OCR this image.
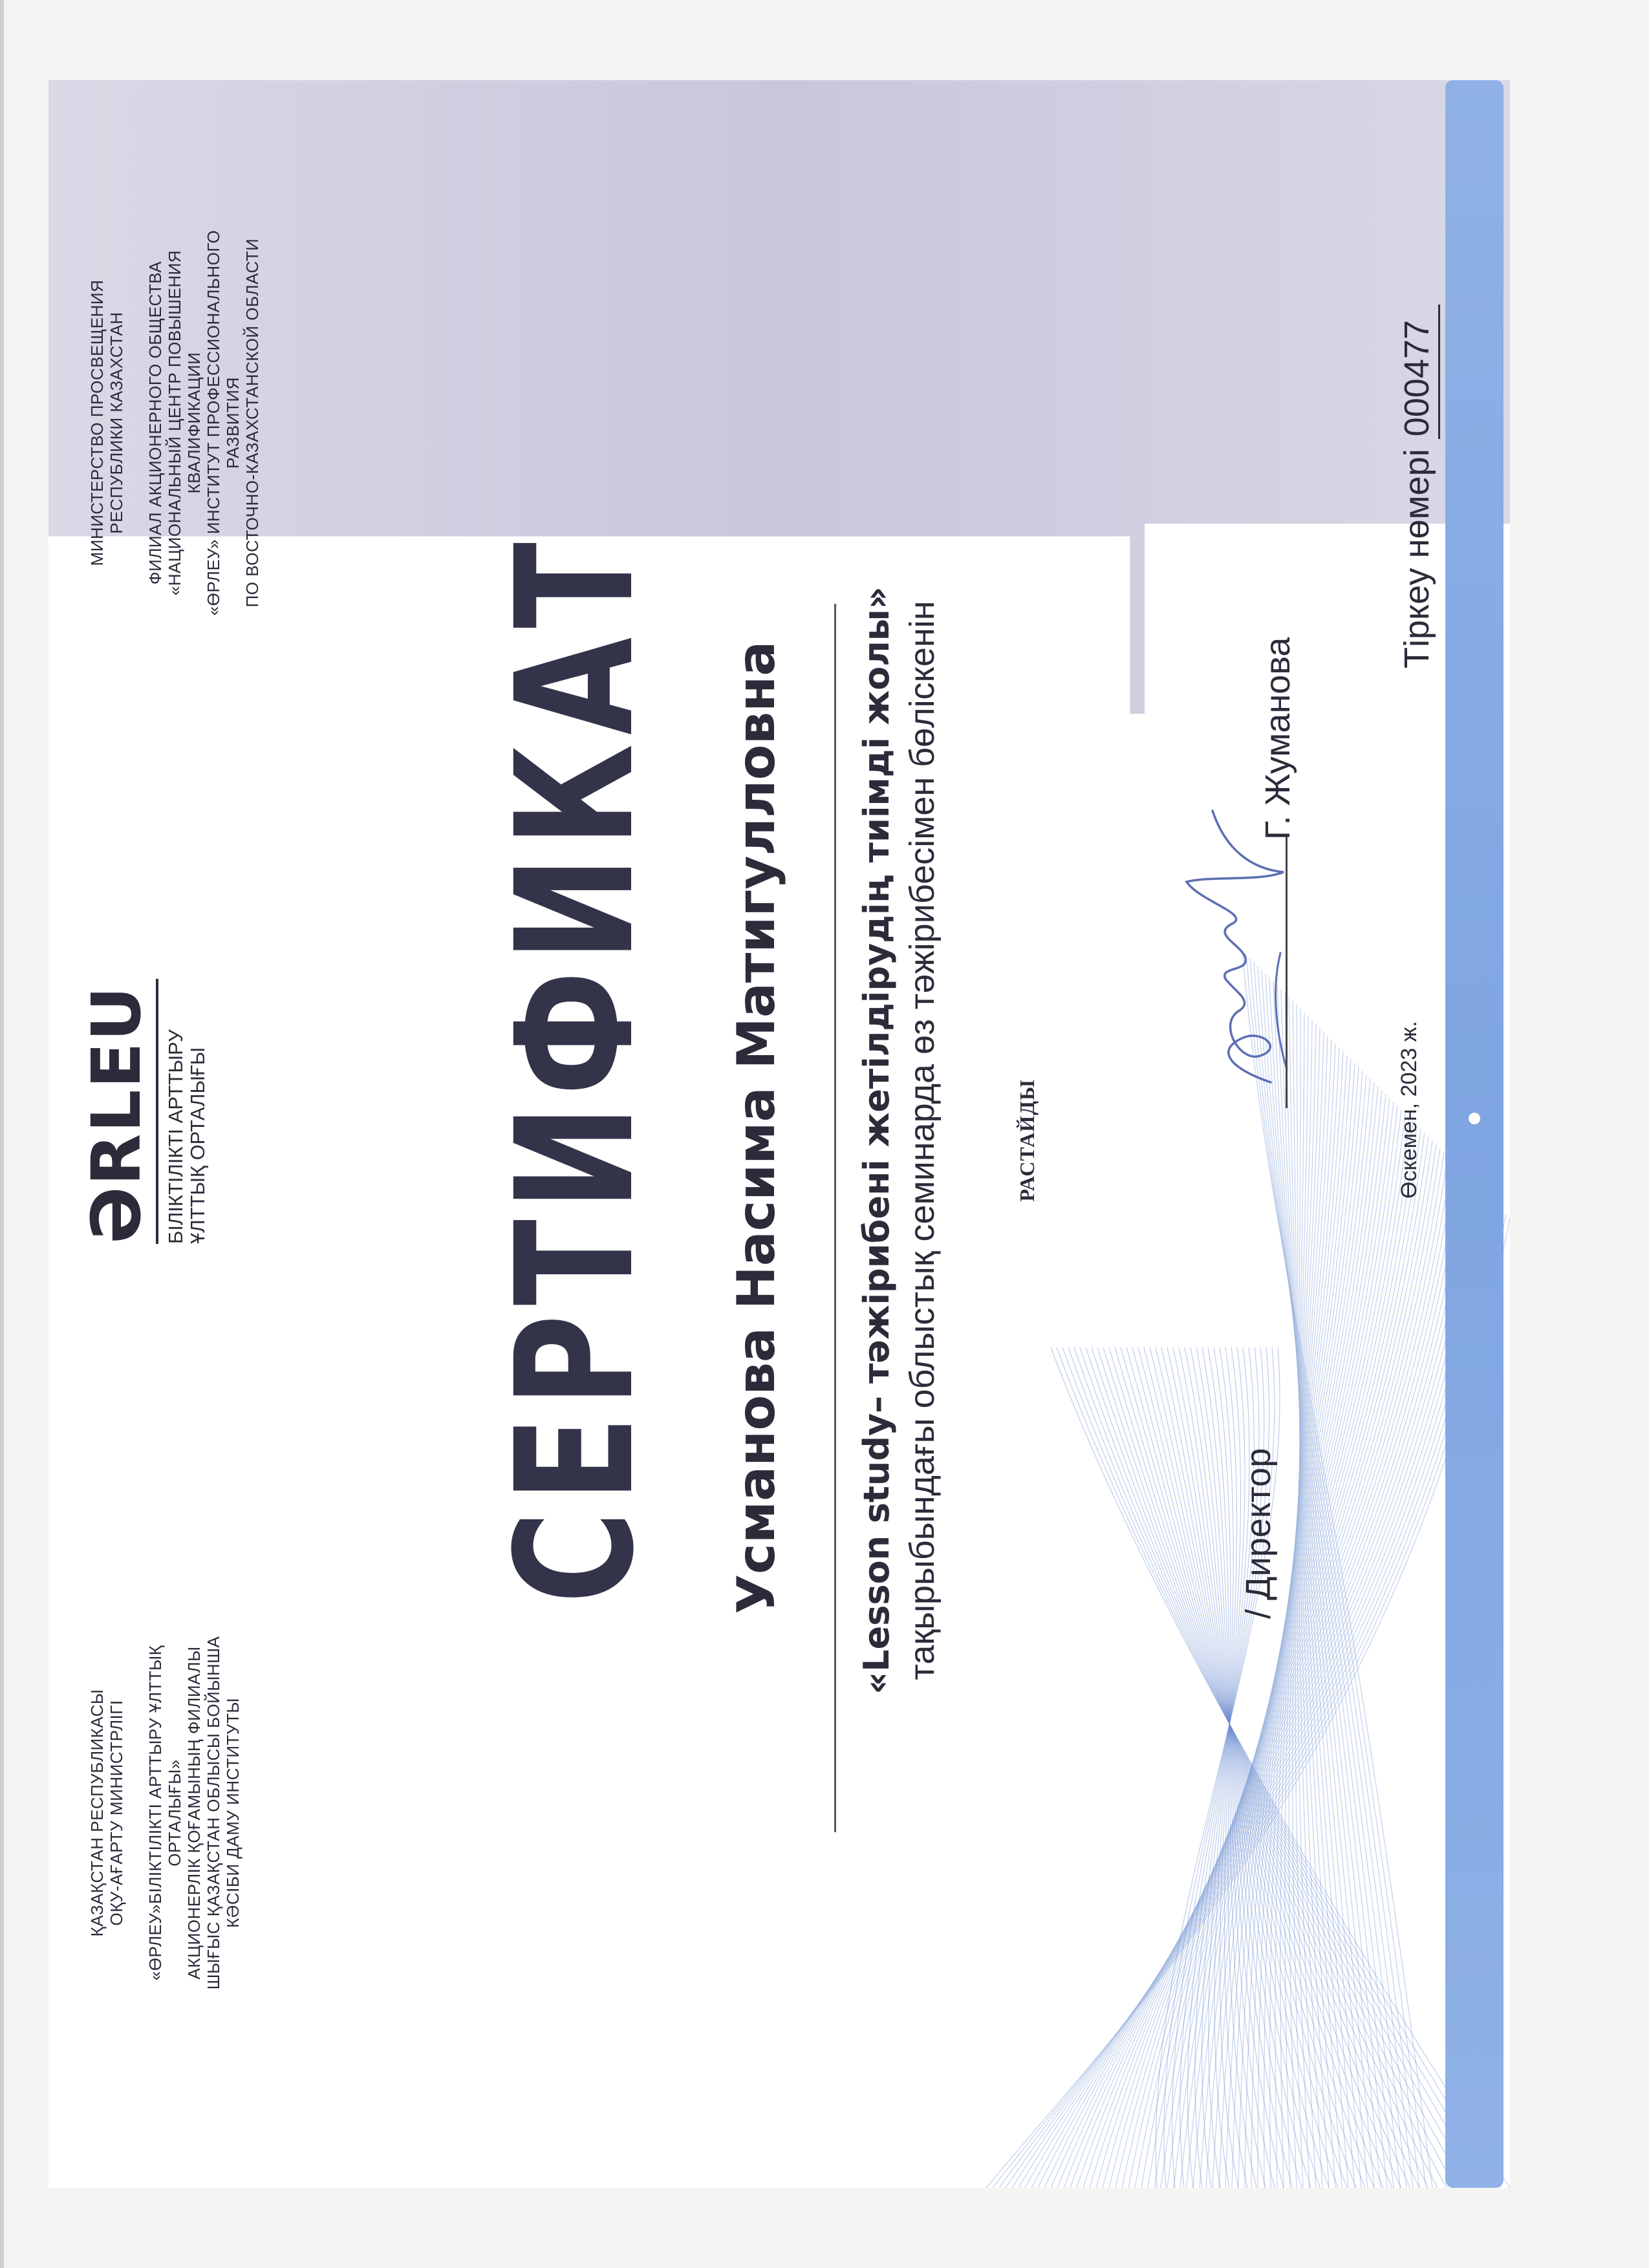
ҚАЗАҚСТАН РЕСПУБЛИКАСЫ ОҚУ-АҒАРТУ МИНИСТРЛІГІ «ӨРЛЕУ»БІЛІКТІЛІКТІ АРТТЫРУ ҰЛТТЫҚ ОРТАЛЫҒЫ» АКЦИОНЕРЛІК ҚОҒАМЫНЫҢ ФИЛИАЛЫ ШЫҒЫС ҚАЗАҚСТАН ОБЛЫСЫ БОЙЫНША КӘСІБИ ДАМУ ИНСТИТУТЫ
ӘRLEU БІЛІКТІЛІКТІ АРТТЫРУ ҰЛТТЫҚ ОРТАЛЫҒЫ
МИНИСТЕРСТВО ПРОСВЕЩЕНИЯ РЕСПУБЛИКИ КАЗАХСТАН ФИЛИАЛ АКЦИОНЕРНОГО ОБЩЕСТВА «НАЦИОНАЛЬНЫЙ ЦЕНТР ПОВЫШЕНИЯ КВАЛИФИКАЦИИ «ӨРЛЕУ» ИНСТИТУТ ПРОФЕССИОНАЛЬНОГО РАЗВИТИЯ ПО ВОСТОЧНО-КАЗАХСТАНСКОЙ ОБЛАСТИ
СЕРТИФИКАТ Усманова Насима Матигулловна «Lesson study– тәжірибені жетілдірудің тиімді жолы» тақырыбындағы облыстық семинарда өз тәжірибесімен бөліскенін	РАСТАЙДЫ
/Директор
Г. Жуманова
Өскемен, 2023 ж.
Тіркеу нөмері 000477
